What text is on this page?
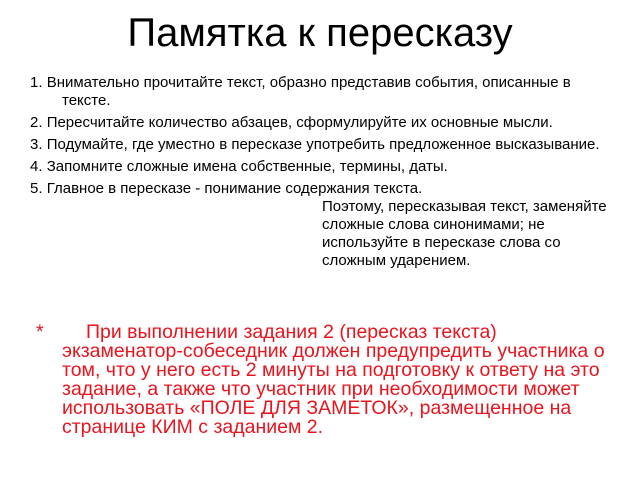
Памятка к пересказу
1. Внимательно прочитайте текст, образно представив события, описанные в тексте.
2. Пересчитайте количество абзацев, сформулируйте их основные мысли.
3. Подумайте, где уместно в пересказе употребить предложенное высказывание.
4. Запомните сложные имена собственные, термины, даты.
5. Главное в пересказе - понимание содержания текста.
Поэтому, пересказывая текст, заменяйте сложные слова синонимами; не используйте в пересказе слова со сложным ударением.
* При выполнении задания 2 (пересказ текста) экзаменатор-собеседник должен предупредить участника о том, что у него есть 2 минуты на подготовку к ответу на это задание, а также что участник при необходимости может использовать «ПОЛЕ ДЛЯ ЗАМЕТОК», размещенное на странице КИМ с заданием 2.
